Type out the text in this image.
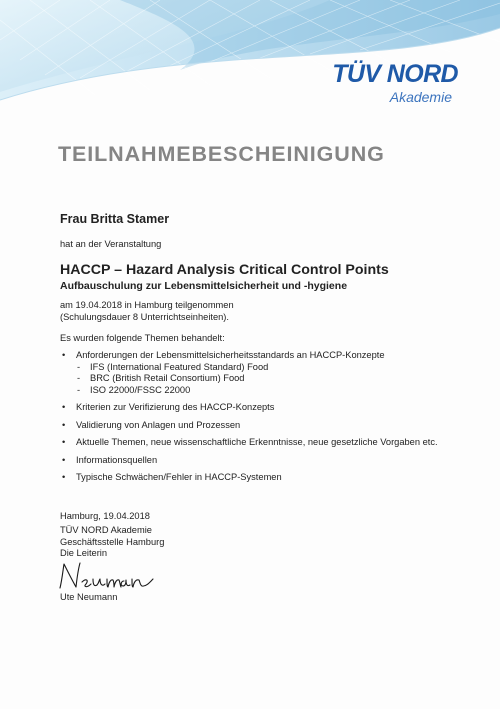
TÜV NORD
Akademie
TEILNAHMEBESCHEINIGUNG
Frau Britta Stamer
hat an der Veranstaltung
HACCP – Hazard Analysis Critical Control Points
Aufbauschulung zur Lebensmittelsicherheit und -hygiene
am 19.04.2018 in Hamburg teilgenommen
(Schulungsdauer 8 Unterrichtseinheiten).
Es wurden folgende Themen behandelt:
• Anforderungen der Lebensmittelsicherheitsstandards an HACCP-Konzepte
- IFS (International Featured Standard) Food
- BRC (British Retail Consortium) Food
- ISO 22000/FSSC 22000
• Kriterien zur Verifizierung des HACCP-Konzepts
• Validierung von Anlagen und Prozessen
• Aktuelle Themen, neue wissenschaftliche Erkenntnisse, neue gesetzliche Vorgaben etc.
• Informationsquellen
• Typische Schwächen/Fehler in HACCP-Systemen
Hamburg, 19.04.2018
TÜV NORD Akademie
Geschäftsstelle Hamburg
Die Leiterin
Ute Neumann
